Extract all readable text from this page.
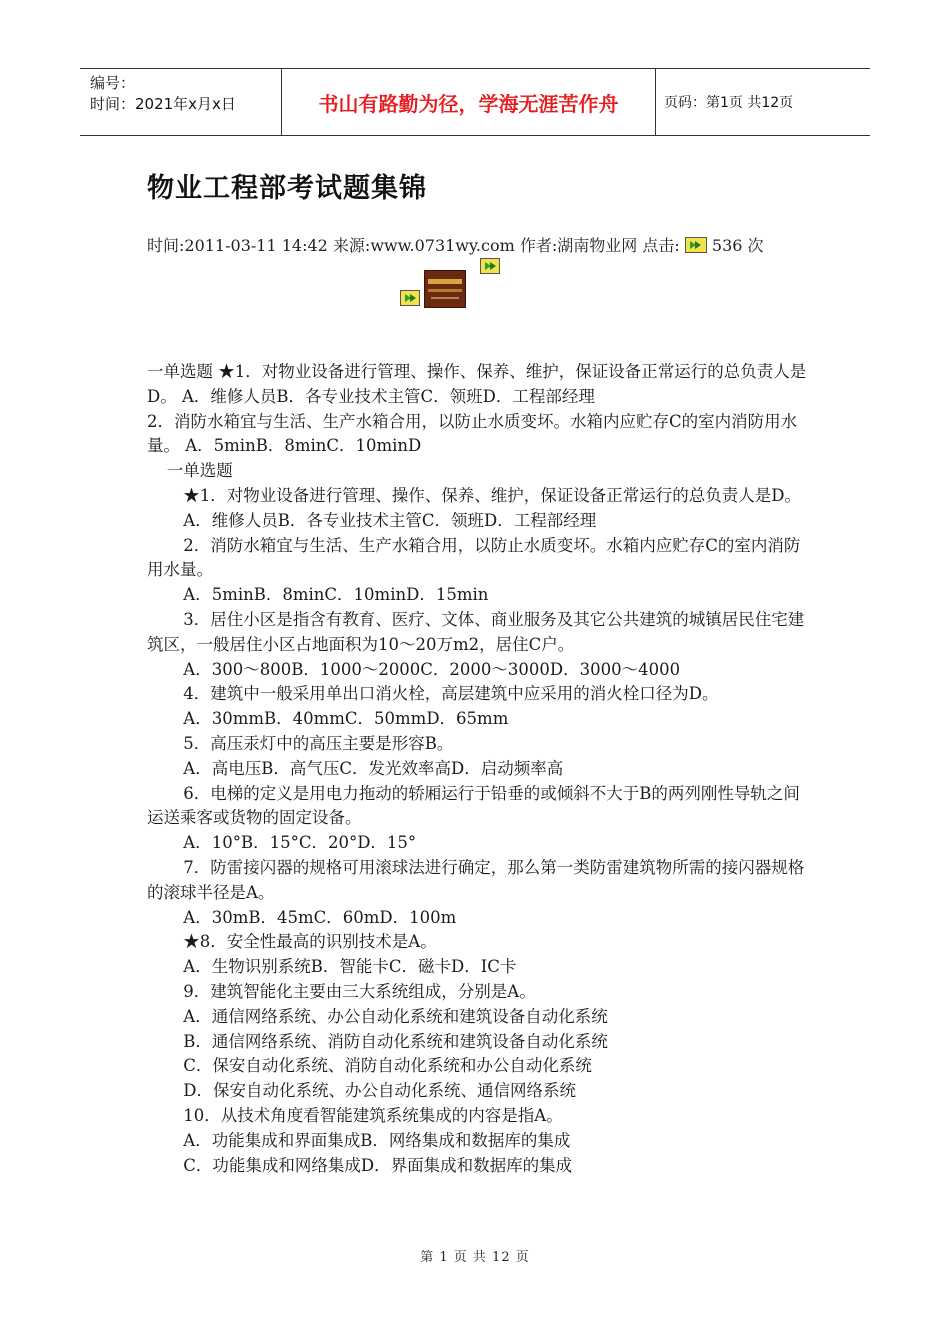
编号：
时间：2021年x月x日	书山有路勤为径，学海无涯苦作舟	页码：第1页 共12页
物业工程部考试题集锦
时间:2011-03-11 14:42 来源:www.0731wy.com 作者:湖南物业网 点击: 536 次

一单选题 ★1．对物业设备进行管理、操作、保养、维护，保证设备正常运行的总负责人是D。 A．维修人员B．各专业技术主管C．领班D．工程部经理

2．消防水箱宜与生活、生产水箱合用，以防止水质变坏。水箱内应贮存C的室内消防用水量。 A．5minB．8minC．10minD

一单选题

★1．对物业设备进行管理、操作、保养、维护，保证设备正常运行的总负责人是D。

A．维修人员B．各专业技术主管C．领班D．工程部经理

2．消防水箱宜与生活、生产水箱合用，以防止水质变坏。水箱内应贮存C的室内消防用水量。

A．5minB．8minC．10minD．15min

3．居住小区是指含有教育、医疗、文体、商业服务及其它公共建筑的城镇居民住宅建筑区，一般居住小区占地面积为10～20万m2，居住C户。

A．300～800B．1000～2000C．2000～3000D．3000～4000

4．建筑中一般采用单出口消火栓，高层建筑中应采用的消火栓口径为D。

A．30mmB．40mmC．50mmD．65mm

5．高压汞灯中的高压主要是形容B。

A．高电压B．高气压C．发光效率高D．启动频率高

6．电梯的定义是用电力拖动的轿厢运行于铅垂的或倾斜不大于B的两列刚性导轨之间运送乘客或货物的固定设备。

A．10°B．15°C．20°D．15°

7．防雷接闪器的规格可用滚球法进行确定，那么第一类防雷建筑物所需的接闪器规格的滚球半径是A。

A．30mB．45mC．60mD．100m

★8．安全性最高的识别技术是A。

A．生物识别系统B．智能卡C．磁卡D．IC卡

9．建筑智能化主要由三大系统组成，分别是A。

A．通信网络系统、办公自动化系统和建筑设备自动化系统

B．通信网络系统、消防自动化系统和建筑设备自动化系统

C．保安自动化系统、消防自动化系统和办公自动化系统

D．保安自动化系统、办公自动化系统、通信网络系统

10．从技术角度看智能建筑系统集成的内容是指A。

A．功能集成和界面集成B．网络集成和数据库的集成

C．功能集成和网络集成D．界面集成和数据库的集成

第 1 页 共 12 页
